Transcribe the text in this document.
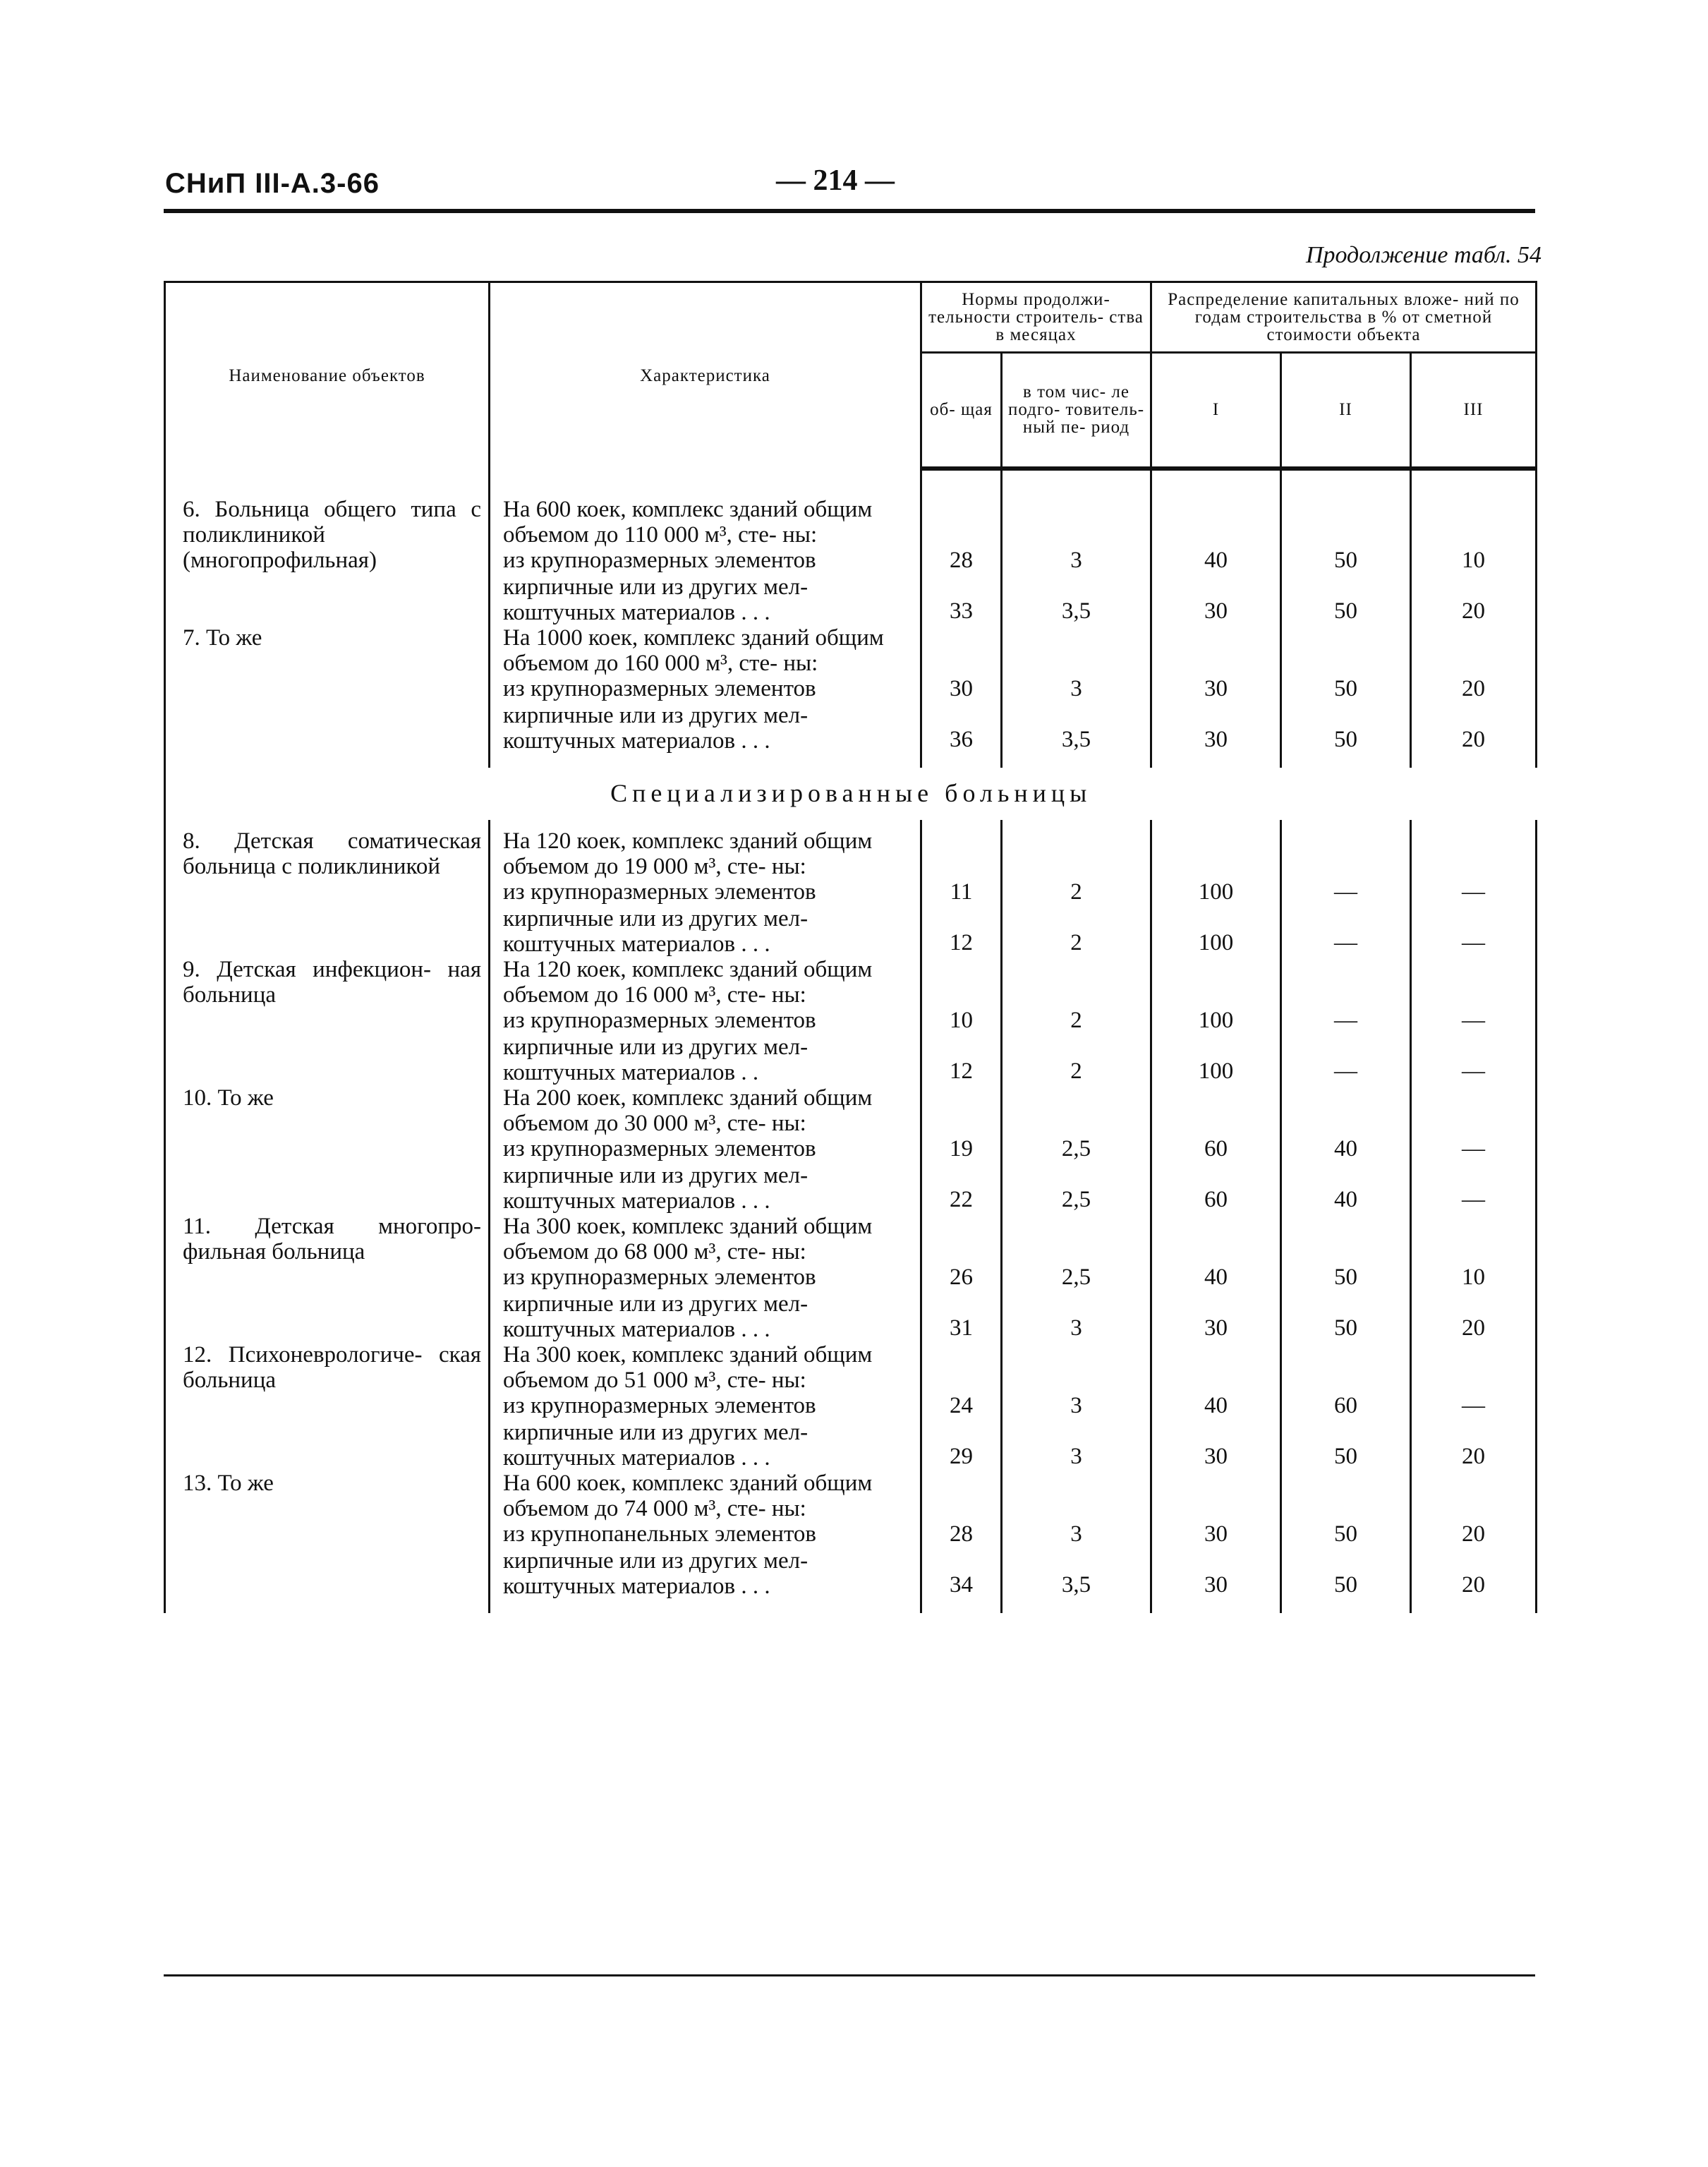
СНиП III-А.3-66	— 214 —
Продолжение табл. 54
Наименование объектов	Характеристика	Нормы продолжи- тельности строитель- ства в месяцах		Распределение капитальных вложе- ний по годам строительства в % от сметной стоимости объекта		
		об- щая	в том чис- ле подго- товитель- ный пе- риод	I	II	III
6. Больница общего типа с поликлиникой (многопрофильная)	На 600 коек, комплекс зданий общим объемом до 110 000 м³, сте- ны:					
	из крупноразмерных элементов	28	3	40	50	10
	кирпичные или из других мел- коштучных материалов . . .	33	3,5	30	50	20
7. То же	На 1000 коек, комплекс зданий общим объемом до 160 000 м³, сте- ны:					
	из крупноразмерных элементов	30	3	30	50	20
	кирпичные или из других мел- коштучных материалов . . .	36	3,5	30	50	20

Специализированные больницы						
8. Детская соматическая больница с поликлиникой	На 120 коек, комплекс зданий общим объемом до 19 000 м³, сте- ны:					
	из крупноразмерных элементов	11	2	100	—	—
	кирпичные или из других мел- коштучных материалов . . .	12	2	100	—	—
9. Детская инфекцион- ная больница	На 120 коек, комплекс зданий общим объемом до 16 000 м³, сте- ны:					
	из крупноразмерных элементов	10	2	100	—	—
	кирпичные или из других мел- коштучных материалов . .	12	2	100	—	—
10. То же	На 200 коек, комплекс зданий общим объемом до 30 000 м³, сте- ны:					
	из крупноразмерных элементов	19	2,5	60	40	—
	кирпичные или из других мел- коштучных материалов . . .	22	2,5	60	40	—
11. Детская многопро- фильная больница	На 300 коек, комплекс зданий общим объемом до 68 000 м³, сте- ны:					
	из крупноразмерных элементов	26	2,5	40	50	10
	кирпичные или из других мел- коштучных материалов . . .	31	3	30	50	20
12. Психоневрологиче- ская больница	На 300 коек, комплекс зданий общим объемом до 51 000 м³, сте- ны:					
	из крупноразмерных элементов	24	3	40	60	—
	кирпичные или из других мел- коштучных материалов . . .	29	3	30	50	20
13. То же	На 600 коек, комплекс зданий общим объемом до 74 000 м³, сте- ны:					
	из крупнопанельных элементов	28	3	30	50	20
	кирпичные или из других мел- коштучных материалов . . .	34	3,5	30	50	20
